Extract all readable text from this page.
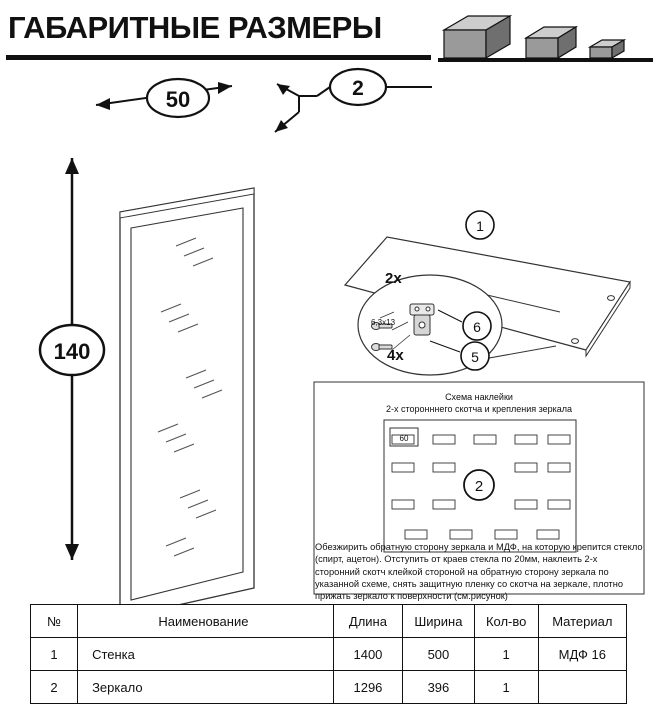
ГАБАРИТНЫЕ РАЗМЕРЫ
50	2
140
1
2x
4x
6,3x13	6
5
Схема наклейки
2-х сторонннего скотча и крепления зеркала
60
2
Обезжирить обратную сторону зеркала и МДФ, на которую крепится стекло (спирт, ацетон). Отступить от краев стекла по 20мм, наклеить 2-х сторонний скотч клейкой стороной на обратную сторону зеркала по указанной схеме, снять защитную пленку со скотча на зеркале, плотно прижать зеркало к поверхности (см.рисунок)
№	Наименование	Длина	Ширина	Кол-во	Материал
1	Стенка	1400	500	1	МДФ 16
2	Зеркало	1296	396	1	
